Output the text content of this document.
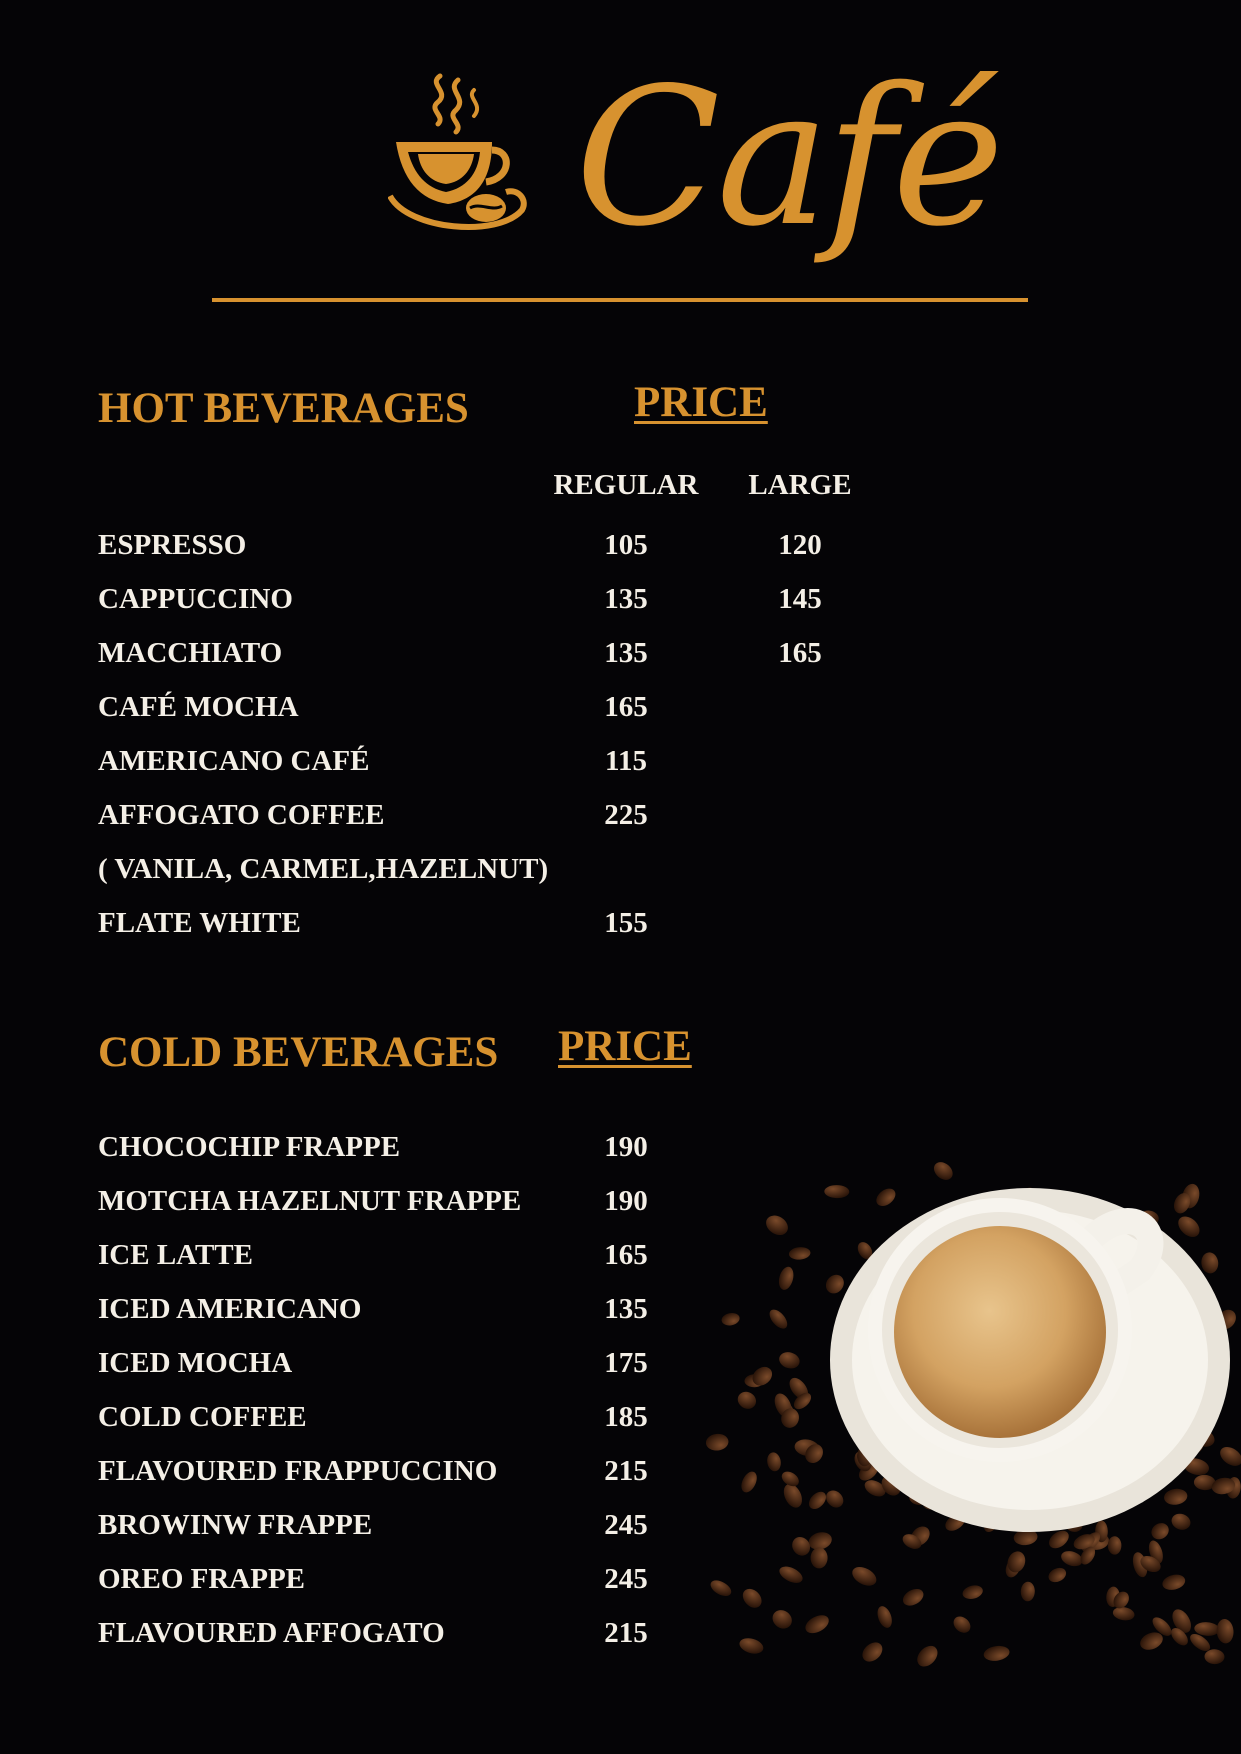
Café
HOT BEVERAGES	PRICE
REGULAR	LARGE
ESPRESSO	105	120
CAPPUCCINO	135	145
MACCHIATO	135	165
CAFÉ MOCHA	165
AMERICANO CAFÉ	115
AFFOGATO COFFEE	225
( VANILA, CARMEL,HAZELNUT)
FLATE WHITE	155
COLD BEVERAGES PRICE
CHOCOCHIP FRAPPE	190
MOTCHA HAZELNUT FRAPPE	190
ICE LATTE	165
ICED AMERICANO	135
ICED MOCHA	175
COLD COFFEE	185
FLAVOURED FRAPPUCCINO	215
BROWINW FRAPPE	245
OREO FRAPPE	245
FLAVOURED AFFOGATO	215
